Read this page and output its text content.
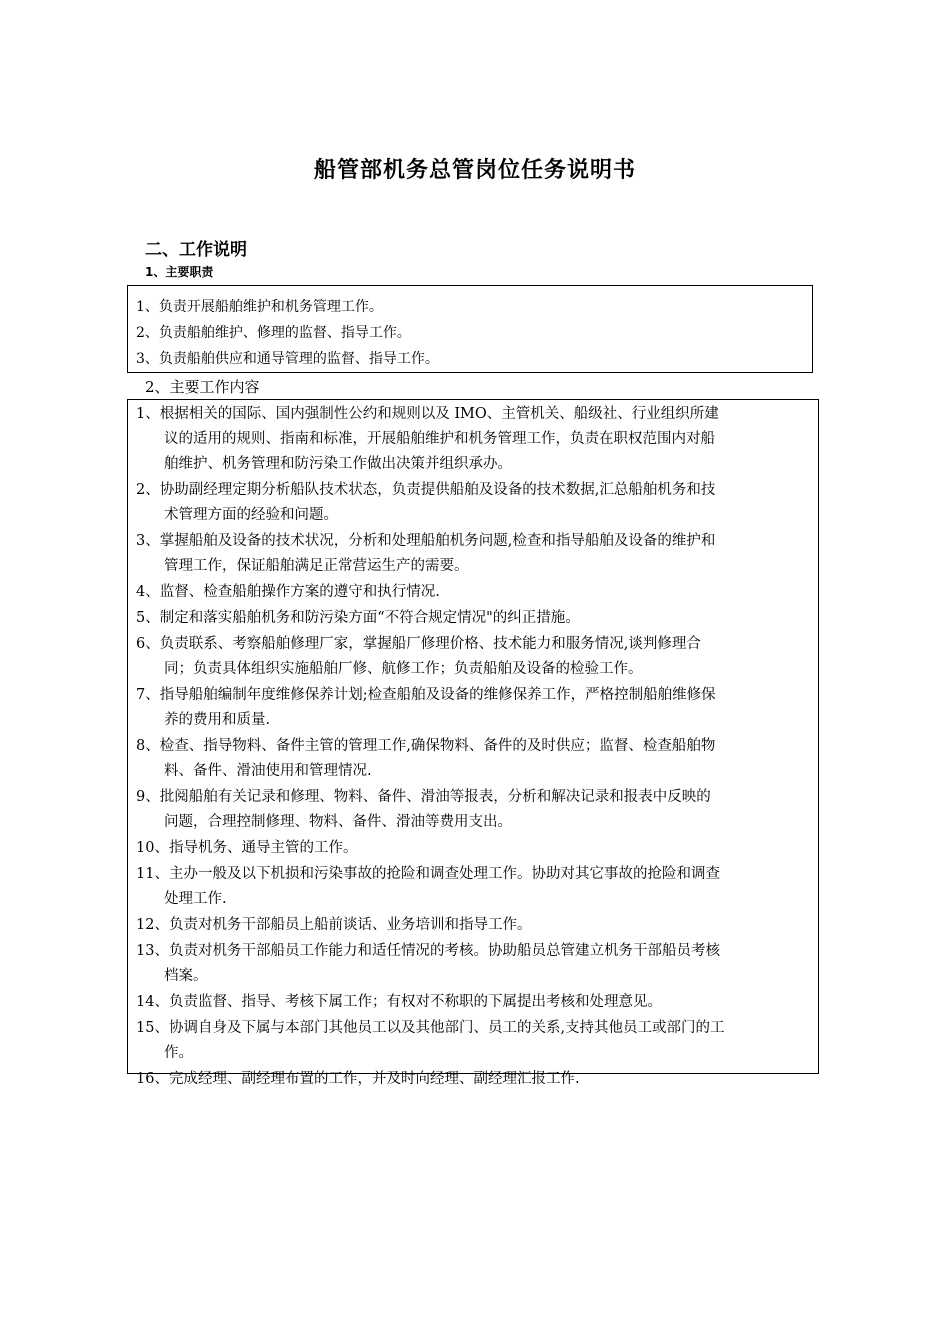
船管部机务总管岗位任务说明书
二、工作说明
1、主要职责
1、负责开展船舶维护和机务管理工作。
2、负责船舶维护、修理的监督、指导工作。
3、负责船舶供应和通导管理的监督、指导工作。
2、主要工作内容
1、根据相关的国际、国内强制性公约和规则以及 IMO、主管机关、船级社、行业组织所建
议的适用的规则、指南和标准，开展船舶维护和机务管理工作，负责在职权范围内对船
舶维护、机务管理和防污染工作做出决策并组织承办。
2、协助副经理定期分析船队技术状态，负责提供船舶及设备的技术数据,汇总船舶机务和技
术管理方面的经验和问题。
3、掌握船舶及设备的技术状况，分析和处理船舶机务问题,检查和指导船舶及设备的维护和
管理工作，保证船舶满足正常营运生产的需要。
4、监督、检查船舶操作方案的遵守和执行情况.
5、制定和落实船舶机务和防污染方面“不符合规定情况"的纠正措施。
6、负责联系、考察船舶修理厂家，掌握船厂修理价格、技术能力和服务情况,谈判修理合
同；负责具体组织实施船舶厂修、航修工作；负责船舶及设备的检验工作。
7、指导船舶编制年度维修保养计划;检查船舶及设备的维修保养工作，严格控制船舶维修保
养的费用和质量.
8、检查、指导物料、备件主管的管理工作,确保物料、备件的及时供应；监督、检查船舶物
料、备件、滑油使用和管理情况.
9、批阅船舶有关记录和修理、物料、备件、滑油等报表，分析和解决记录和报表中反映的
问题，合理控制修理、物料、备件、滑油等费用支出。
10、指导机务、通导主管的工作。
11、主办一般及以下机损和污染事故的抢险和调查处理工作。协助对其它事故的抢险和调查
处理工作.
12、负责对机务干部船员上船前谈话、业务培训和指导工作。
13、负责对机务干部船员工作能力和适任情况的考核。协助船员总管建立机务干部船员考核
档案。
14、负责监督、指导、考核下属工作；有权对不称职的下属提出考核和处理意见。
15、协调自身及下属与本部门其他员工以及其他部门、员工的关系,支持其他员工或部门的工
作。
16、完成经理、副经理布置的工作，并及时向经理、副经理汇报工作.
